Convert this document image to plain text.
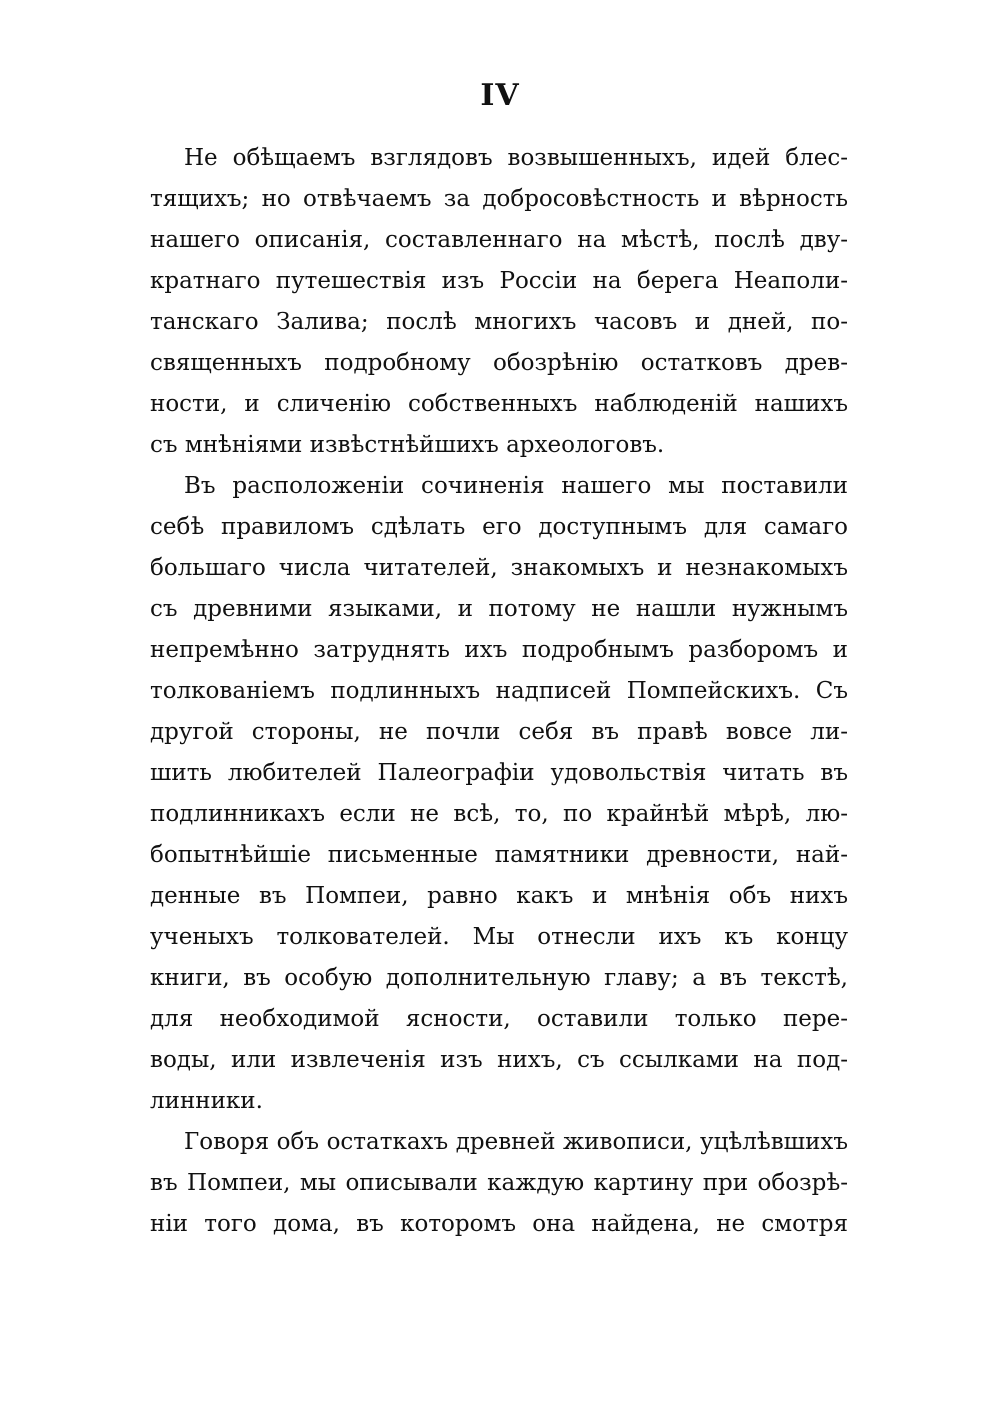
IV
Не обѣщаемъ взглядовъ возвышенныхъ, идей блес-
тящихъ; но отвѣчаемъ за добросовѣстность и вѣрность
нашего описанія, составленнаго на мѣстѣ, послѣ дву-
кратнаго путешествія изъ Россіи на берега Неаполи-
танскаго Залива; послѣ многихъ часовъ и дней, по-
священныхъ подробному обозрѣнію остатковъ древ-
ности, и сличенію собственныхъ наблюденій нашихъ
съ мнѣніями извѣстнѣйшихъ археологовъ.
Въ расположеніи сочиненія нашего мы поставили
себѣ правиломъ сдѣлать его доступнымъ для самаго
большаго числа читателей, знакомыхъ и незнакомыхъ
съ древними языками, и потому не нашли нужнымъ
непремѣнно затруднять ихъ подробнымъ разборомъ и
толкованіемъ подлинныхъ надписей Помпейскихъ. Съ
другой стороны, не почли себя въ правѣ вовсе ли-
шить любителей Палеографіи удовольствія читать въ
подлинникахъ если не всѣ, то, по крайнѣй мѣрѣ, лю-
бопытнѣйшіе письменные памятники древности, най-
денные въ Помпеи, равно какъ и мнѣнія объ нихъ
ученыхъ толкователей. Мы отнесли ихъ къ концу
книги, въ особую дополнительную главу; а въ текстѣ,
для необходимой ясности, оставили только пере-
воды, или извлеченія изъ нихъ, съ ссылками на под-
линники.
Говоря объ остаткахъ древней живописи, уцѣлѣвшихъ
въ Помпеи, мы описывали каждую картину при обозрѣ-
ніи того дома, въ которомъ она найдена, не смотря
